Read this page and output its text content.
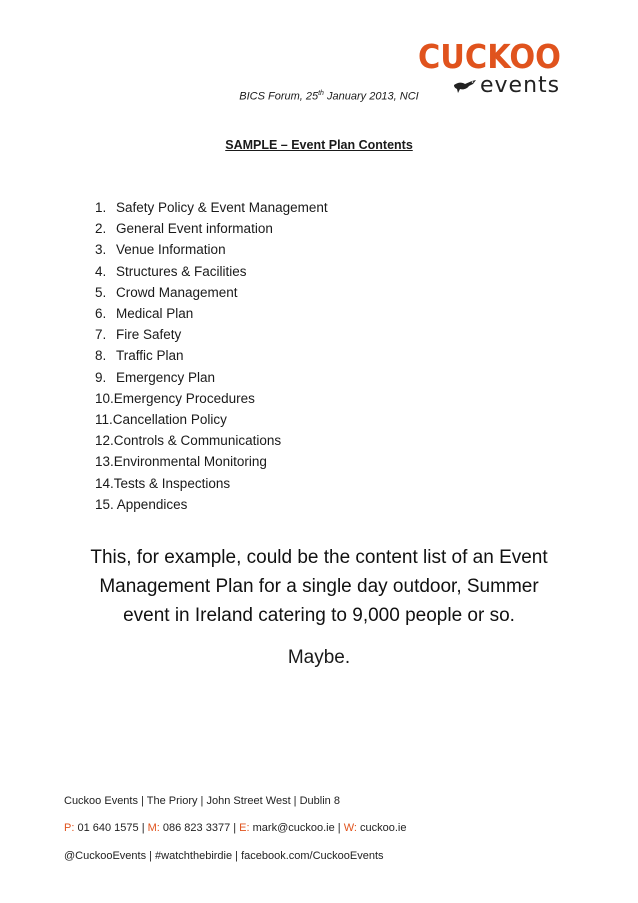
CUCKOO
events
BICS Forum, 25th January 2013, NCI
SAMPLE – Event Plan Contents
1. Safety Policy & Event Management
2. General Event information
3. Venue Information
4. Structures & Facilities
5. Crowd Management
6. Medical Plan
7. Fire Safety
8. Traffic Plan
9. Emergency Plan
10.Emergency Procedures
11.Cancellation Policy
12.Controls & Communications
13.Environmental Monitoring
14.Tests & Inspections
15. Appendices
This, for example, could be the content list of an Event
Management Plan for a single day outdoor, Summer
event in Ireland catering to 9,000 people or so.
Maybe.
Cuckoo Events | The Priory | John Street West | Dublin 8
P: 01 640 1575 | M: 086 823 3377 | E: mark@cuckoo.ie | W: cuckoo.ie
@CuckooEvents | #watchthebirdie | facebook.com/CuckooEvents
